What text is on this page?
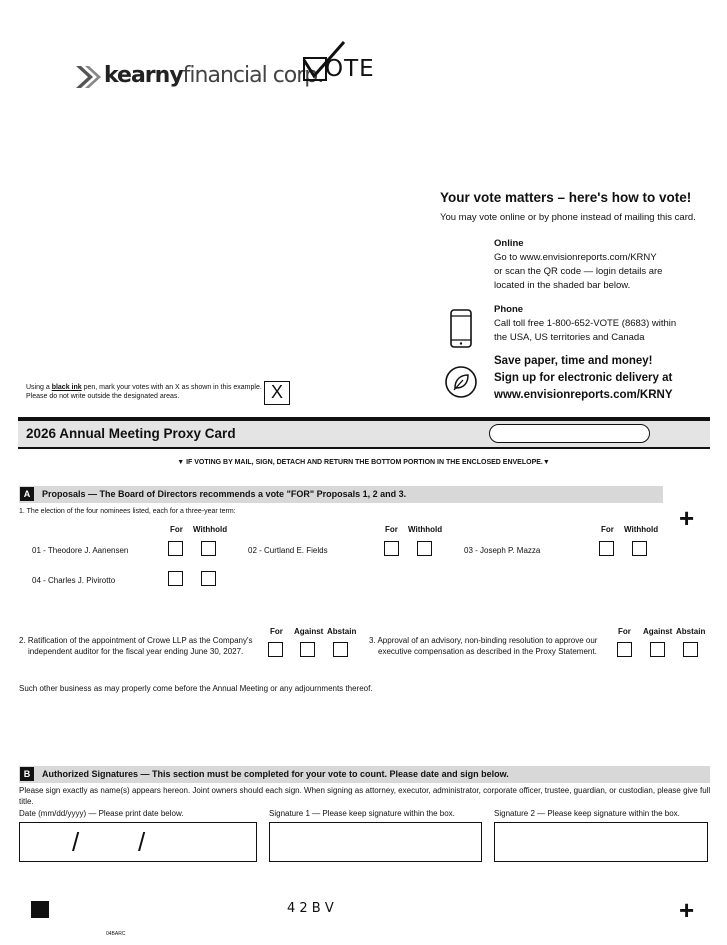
kearnyfinancial corp. OTE
Your vote matters – here's how to vote!
You may vote online or by phone instead of mailing this card.
Online
Go to www.envisionreports.com/KRNY
or scan the QR code — login details are
located in the shaded bar below.
Phone
Call toll free 1-800-652-VOTE (8683) within
the USA, US territories and Canada
Save paper, time and money!
Sign up for electronic delivery at
www.envisionreports.com/KRNY
Using a black ink pen, mark your votes with an X as shown in this example.
Please do not write outside the designated areas.	X
2026 Annual Meeting Proxy Card
▼ IF VOTING BY MAIL, SIGN, DETACH AND RETURN THE BOTTOM PORTION IN THE ENCLOSED ENVELOPE.▼
A	Proposals — The Board of Directors recommends a vote "FOR" Proposals 1, 2 and 3.
+
1. The election of the four nominees listed, each for a three-year term:
For Withhold	For Withhold	For Withhold
01 - Theodore J. Aanensen	02 - Curtland E. Fields	03 - Joseph P. Mazza
04 - Charles J. Pivirotto
For Against Abstain	For Against Abstain
2. Ratification of the appointment of Crowe LLP as the Company's
independent auditor for the fiscal year ending June 30, 2027.
3. Approval of an advisory, non-binding resolution to approve our
executive compensation as described in the Proxy Statement.
Such other business as may properly come before the Annual Meeting or any adjournments thereof.
B	Authorized Signatures — This section must be completed for your vote to count. Please date and sign below.
Please sign exactly as name(s) appears hereon. Joint owners should each sign. When signing as attorney, executor, administrator, corporate officer, trustee, guardian, or custodian, please give full title.
Date (mm/dd/yyyy) — Please print date below.	Signature 1 — Please keep signature within the box.	Signature 2 — Please keep signature within the box.
/ /
4 2 B V	+
04BARC
